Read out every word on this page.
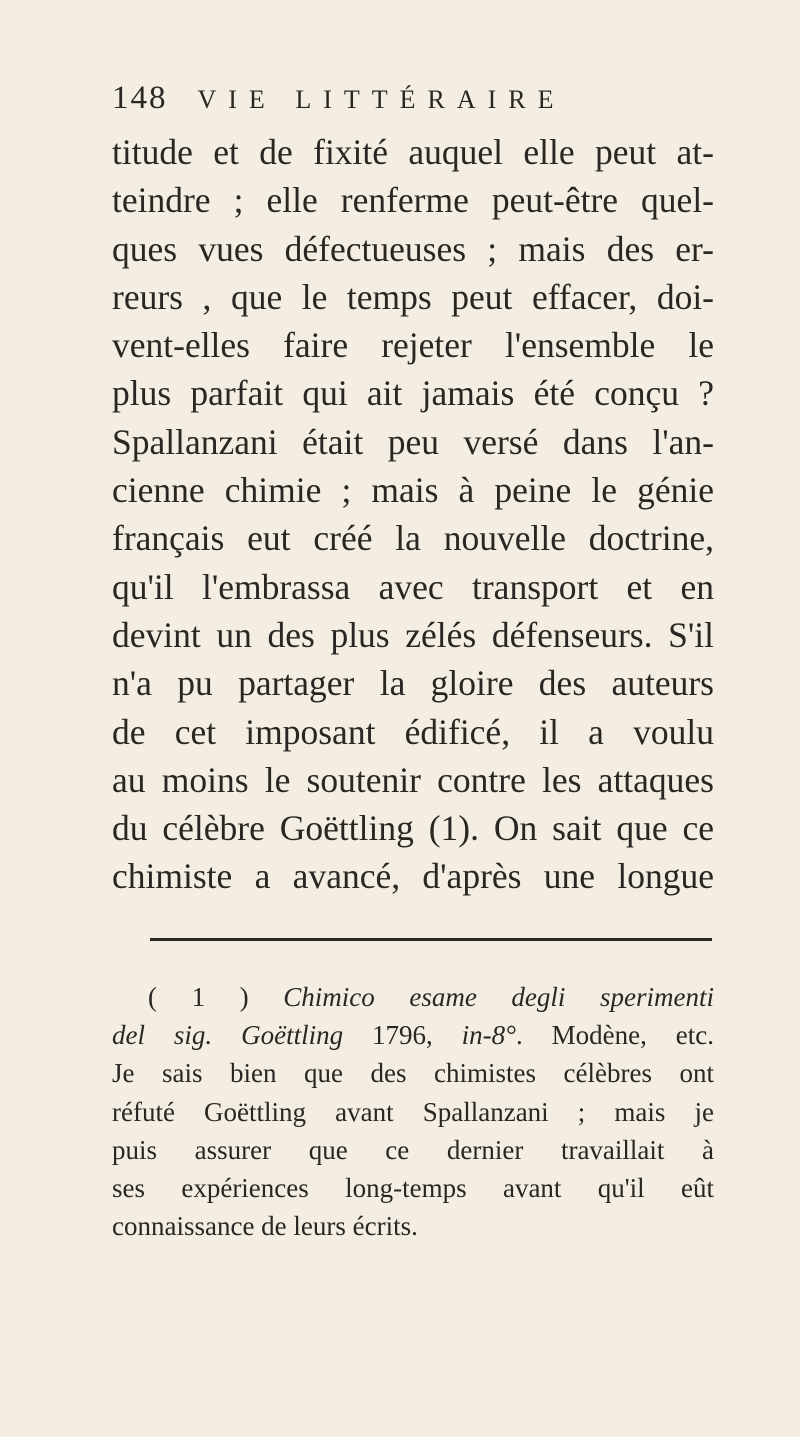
148 VIE LITTÉRAIRE
titude et de fixité auquel elle peut at-
teindre ; elle renferme peut-être quel-
ques vues défectueuses ; mais des er-
reurs , que le temps peut effacer, doi-
vent-elles faire rejeter l'ensemble le
plus parfait qui ait jamais été conçu ?
Spallanzani était peu versé dans l'an-
cienne chimie ; mais à peine le génie
français eut créé la nouvelle doctrine,
qu'il l'embrassa avec transport et en
devint un des plus zélés défenseurs. S'il
n'a pu partager la gloire des auteurs
de cet imposant édificé, il a voulu
au moins le soutenir contre les attaques
du célèbre Goëttling (1). On sait que ce
chimiste a avancé, d'après une longue
( 1 ) Chimico esame degli sperimenti
del sig. Goëttling 1796, in-8°. Modène, etc.
Je sais bien que des chimistes célèbres ont
réfuté Goëttling avant Spallanzani ; mais je
puis assurer que ce dernier travaillait à
ses expériences long-temps avant qu'il eût
connaissance de leurs écrits.
